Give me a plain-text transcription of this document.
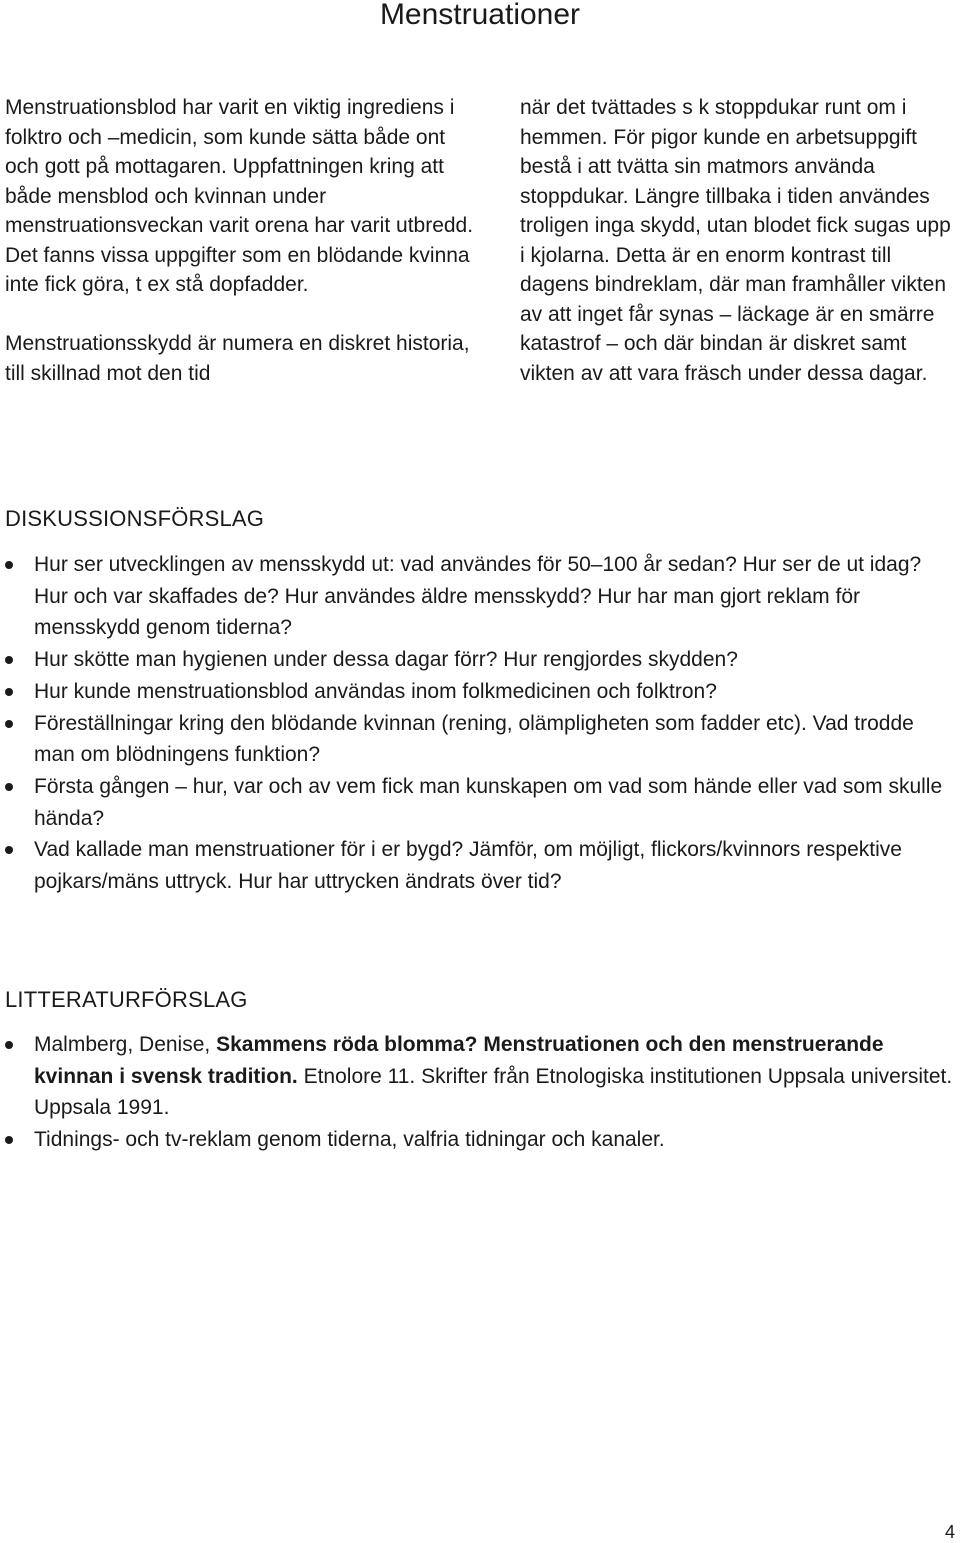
Menstruationer

Menstruationsblod har varit en viktig ingrediens i folktro och –medicin, som kunde sätta både ont och gott på mottagaren. Uppfattningen kring att både mensblod och kvinnan under menstruationsveckan varit orena har varit utbredd. Det fanns vissa uppgifter som en blödande kvinna inte fick göra, t ex stå dopfadder.

Menstruationsskydd är numera en diskret historia, till skillnad mot den tid

när det tvättades s k stoppdukar runt om i hemmen. För pigor kunde en arbetsuppgift bestå i att tvätta sin matmors använda stoppdukar. Längre tillbaka i tiden användes troligen inga skydd, utan blodet fick sugas upp i kjolarna. Detta är en enorm kontrast till dagens bindreklam, där man framhåller vikten av att inget får synas – läckage är en smärre katastrof – och där bindan är diskret samt vikten av att vara fräsch under dessa dagar.

DISKUSSIONSFÖRSLAG
Hur ser utvecklingen av mensskydd ut: vad användes för 50–100 år sedan? Hur ser de ut idag? Hur och var skaffades de? Hur användes äldre mensskydd? Hur har man gjort reklam för mensskydd genom tiderna?
Hur skötte man hygienen under dessa dagar förr? Hur rengjordes skydden?
Hur kunde menstruationsblod användas inom folkmedicinen och folktron?
Föreställningar kring den blödande kvinnan (rening, olämpligheten som fadder etc). Vad trodde man om blödningens funktion?
Första gången – hur, var och av vem fick man kunskapen om vad som hände eller vad som skulle hända?
Vad kallade man menstruationer för i er bygd? Jämför, om möjligt, flickors/kvinnors respektive pojkars/mäns uttryck. Hur har uttrycken ändrats över tid?
LITTERATURFÖRSLAG
Malmberg, Denise, Skammens röda blomma? Menstruationen och den menstruerande kvinnan i svensk tradition. Etnolore 11. Skrifter från Etnologiska institutionen Uppsala universitet. Uppsala 1991.
Tidnings- och tv-reklam genom tiderna, valfria tidningar och kanaler.
4
